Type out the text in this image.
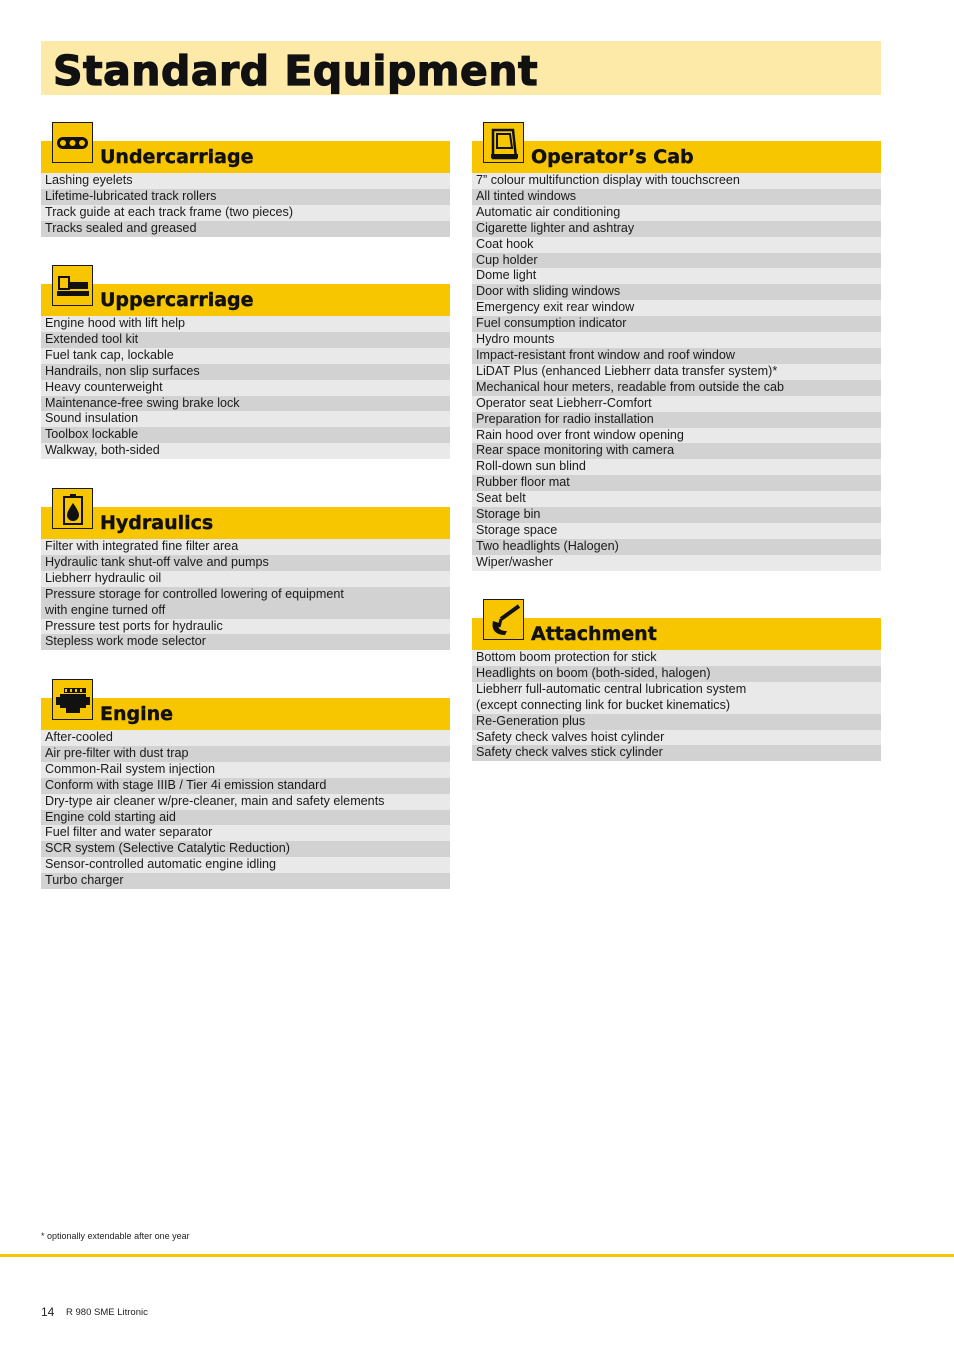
Standard Equipment
Undercarriage
Lashing eyelets
Lifetime-lubricated track rollers
Track guide at each track frame (two pieces)
Tracks sealed and greased
Uppercarriage
Engine hood with lift help
Extended tool kit
Fuel tank cap, lockable
Handrails, non slip surfaces
Heavy counterweight
Maintenance-free swing brake lock
Sound insulation
Toolbox lockable
Walkway, both-sided
Hydraulics
Filter with integrated fine filter area
Hydraulic tank shut-off valve and pumps
Liebherr hydraulic oil
Pressure storage for controlled lowering of equipment
with engine turned off
Pressure test ports for hydraulic
Stepless work mode selector
Engine
After-cooled
Air pre-filter with dust trap
Common-Rail system injection
Conform with stage IIIB / Tier 4i emission standard
Dry-type air cleaner w/pre-cleaner, main and safety elements
Engine cold starting aid
Fuel filter and water separator
SCR system (Selective Catalytic Reduction)
Sensor-controlled automatic engine idling
Turbo charger
Operator’s Cab
7” colour multifunction display with touchscreen
All tinted windows
Automatic air conditioning
Cigarette lighter and ashtray
Coat hook
Cup holder
Dome light
Door with sliding windows
Emergency exit rear window
Fuel consumption indicator
Hydro mounts
Impact-resistant front window and roof window
LiDAT Plus (enhanced Liebherr data transfer system)*
Mechanical hour meters, readable from outside the cab
Operator seat Liebherr-Comfort
Preparation for radio installation
Rain hood over front window opening
Rear space monitoring with camera
Roll-down sun blind
Rubber floor mat
Seat belt
Storage bin
Storage space
Two headlights (Halogen)
Wiper/washer
Attachment
Bottom boom protection for stick
Headlights on boom (both-sided, halogen)
Liebherr full-automatic central lubrication system
(except connecting link for bucket kinematics)
Re-Generation plus
Safety check valves hoist cylinder
Safety check valves stick cylinder
* optionally extendable after one year
14 R 980 SME Litronic
